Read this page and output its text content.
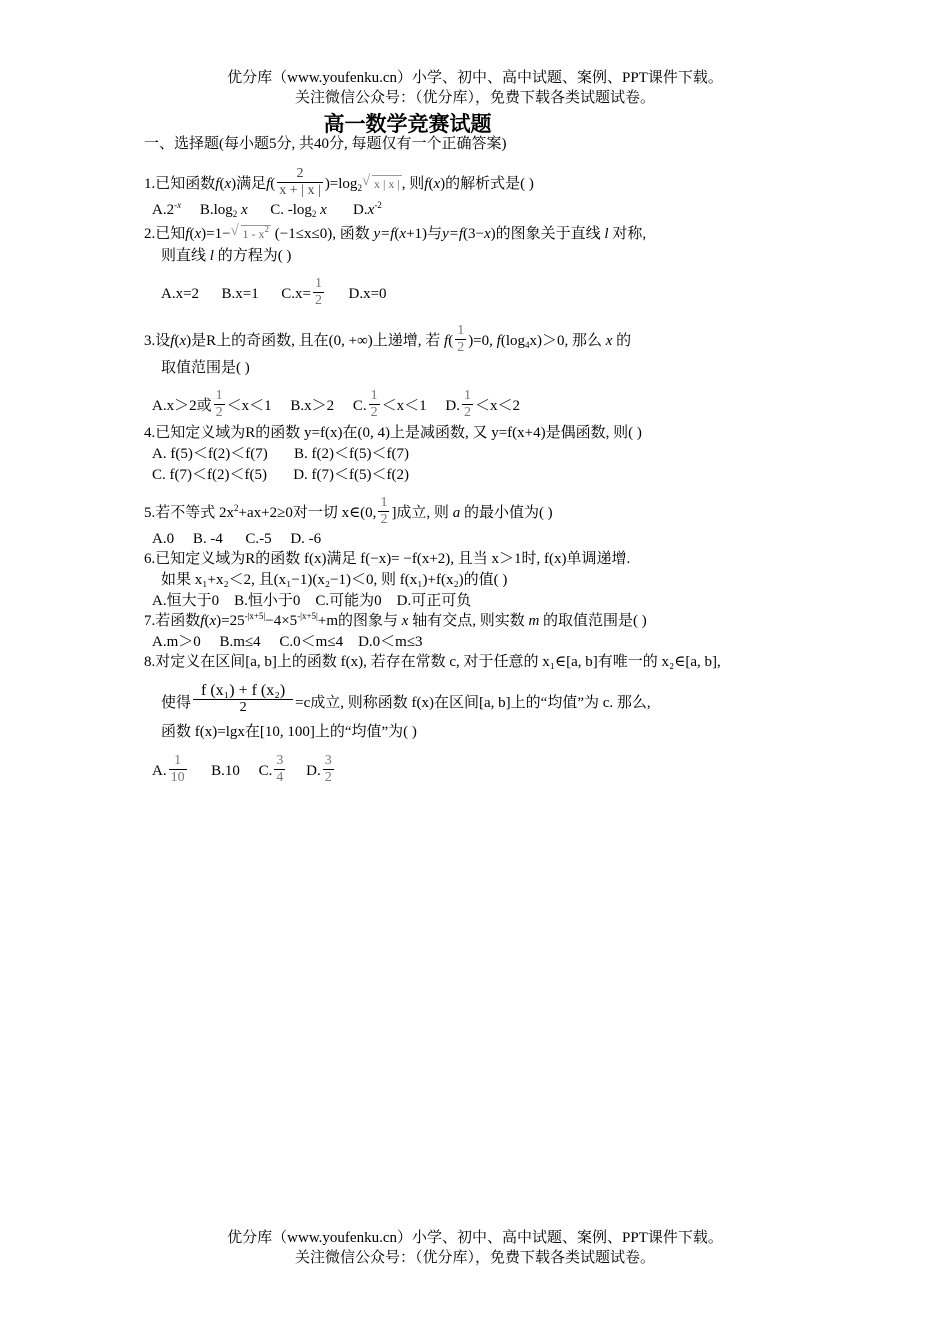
优分库（www.youfenku.cn）小学、初中、高中试题、案例、PPT课件下载。
关注微信公众号：（优分库），免费下载各类试题试卷。
高一数学竞赛试题
一、选择题(每小题5分, 共40分, 每题仅有一个正确答案)
1.已知函数f(x)满足$f( \frac{2}{x + | x |} )=\log_2√$ x | x | , 则f(x)的解析式是( )
$A.2^{-x}$ $B.\log_2$ x C. $-\log_2$ x $D.x^{-2}$
2.已知f(x)=1−√ $1 - x^2$ (−1≤x≤0), 函数 y=f(x+1)与y=f(3−x)的图象关于直线 l 对称,
则直线 l 的方程为( )
A.x=2 B.x=1 $C.x= \frac{1}{2} D.x=0$
3.设f(x)是R上的奇函数, 且在(0, +∞)上递增, 若 $f( \frac{1}{2} )=0$, $f(\log_4x)>0$, 那么 x 的
取值范围是( )
A.x＞2或 $\frac{1}{2} <x<1$ B.x＞2 C. $\frac{1}{2} <x<1$ D. $\frac{1}{2} <x<2$
4.已知定义域为R的函数 y=f(x)在(0, 4)上是减函数, 又 y=f(x+4)是偶函数, 则( )
A. f(5)＜f(2)＜f(7) B. f(2)＜f(5)＜f(7)
C. f(7)＜f(2)＜f(5) D. f(7)＜f(5)＜f(2)
5.若不等式 $2x^2+ax+2\ge 0$对一切 x∈(0, $\frac{1}{2}$ ]成立, 则 a 的最小值为( )
A.0 B. -4 C.-5 D. -6
6.已知定义域为R的函数 f(x)满足 f(−x)= −f(x+2), 且当 x＞1时, f(x)单调递增.
如果 x₁+x₂＜2, 且(x₁−1)(x₂−1)＜0, 则 f(x₁)+f(x₂)的值( )
A.恒大于0 B.恒小于0 C.可能为0 D.可正可负
7.若函数$f(x)=25^{-|x+5|}-4\times 5^{-|x+5|}+m$的图象与 x 轴有交点, 则实数 m 的取值范围是( )
A.m＞0 B.m≤4 C.0＜m≤4 D.0＜m≤3
8.对定义在区间[a, b]上的函数 f(x), 若存在常数 c, 对于任意的 x₁∈[a, b]有唯一的 x₂∈[a, b],
使得 $\frac{\text{f (x₁) + f (x₂)}}{2} =c$成立, 则称函数 f(x)在区间[a, b]上的“均值”为 c. 那么,
函数 f(x)=lgx在[10, 100]上的“均值”为( )
A. $\frac{1}{10} B.10$ C. $\frac{3}{4} D$. $\frac{3}{2}$
优分库（www.youfenku.cn）小学、初中、高中试题、案例、PPT课件下载。
关注微信公众号：（优分库），免费下载各类试题试卷。
